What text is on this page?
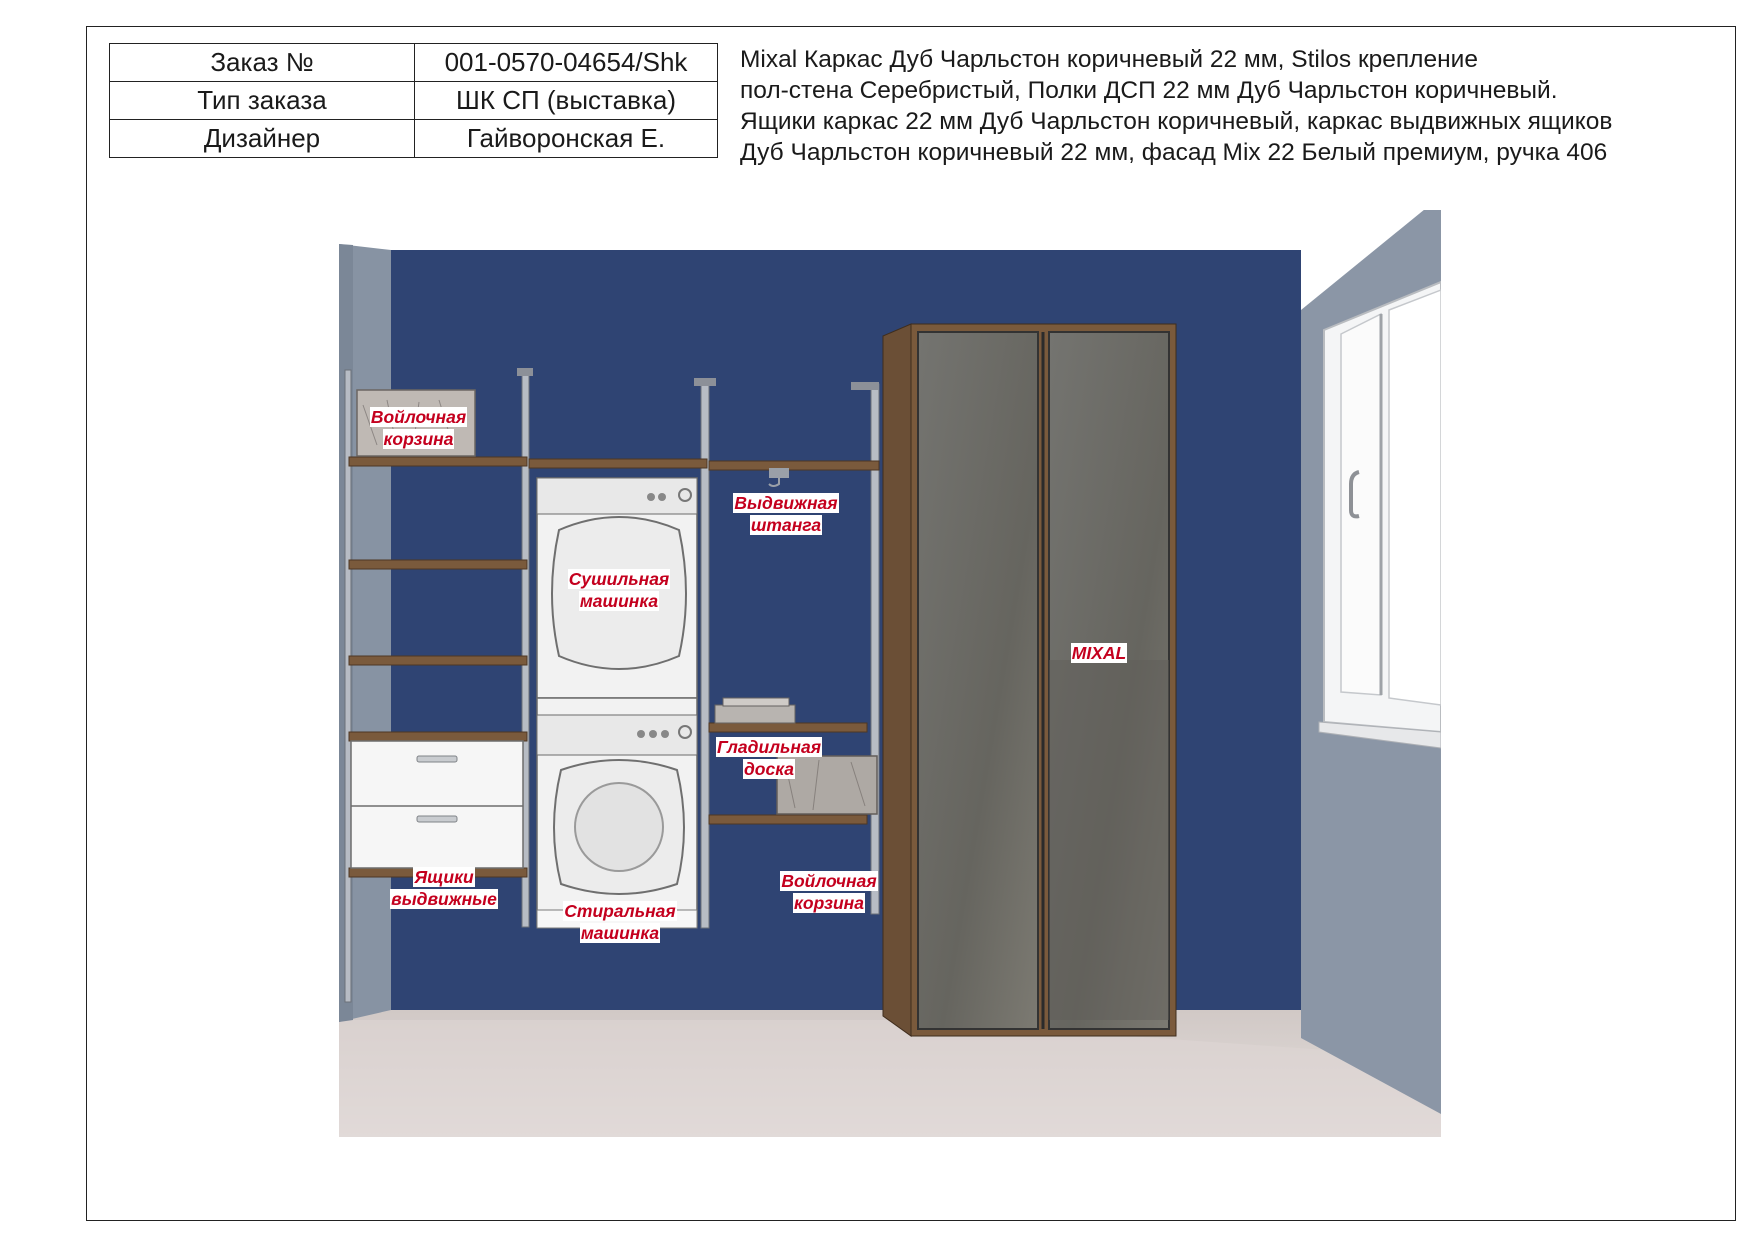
Заказ №	001-0570-04654/Shk
Тип заказа	ШК СП (выставка)
Дизайнер	Гайворонская Е.
Mixal Каркас Дуб Чарльстон коричневый 22 мм, Stilos крепление
пол-стена Серебристый, Полки ДСП 22 мм Дуб Чарльстон коричневый.
Ящики каркас 22 мм Дуб Чарльстон коричневый, каркас выдвижных ящиков
Дуб Чарльстон коричневый 22 мм, фасад Mix 22 Белый премиум, ручка 406
Войлочная
корзина
Выдвижная
штанга
Сушильная
машинка
MIXAL
Гладильная
доска
Войлочная
корзина
Ящики
выдвижные
Стиральная
машинка
